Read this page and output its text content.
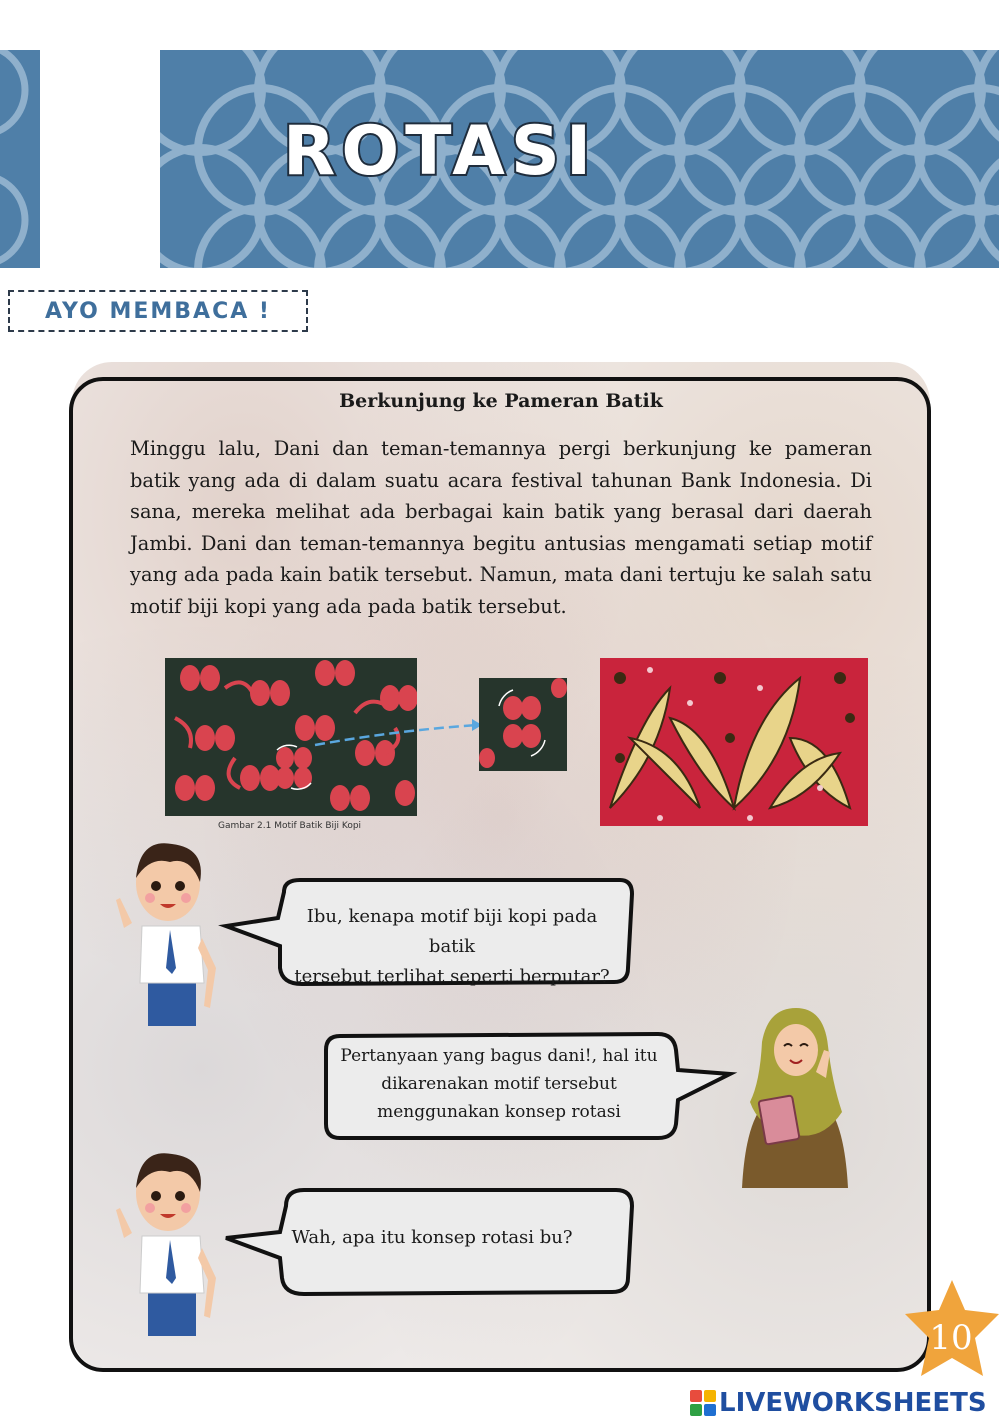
ROTASI
AYO MEMBACA !
Berkunjung ke Pameran Batik

Minggu lalu, Dani dan teman-temannya pergi berkunjung ke pameran batik yang ada di dalam suatu acara festival tahunan Bank Indonesia. Di sana, mereka melihat ada berbagai kain batik yang berasal dari daerah Jambi. Dani dan teman-temannya begitu antusias mengamati setiap motif yang ada pada kain batik tersebut. Namun, mata dani tertuju ke salah satu motif biji kopi yang ada pada batik tersebut.

Gambar 2.1 Motif Batik Biji Kopi
Ibu, kenapa motif biji kopi pada batik
tersebut terlihat seperti berputar?
Pertanyaan yang bagus dani!, hal itu
dikarenakan motif tersebut
menggunakan konsep rotasi
Wah, apa itu konsep rotasi bu?
10
LIVEWORKSHEETS
